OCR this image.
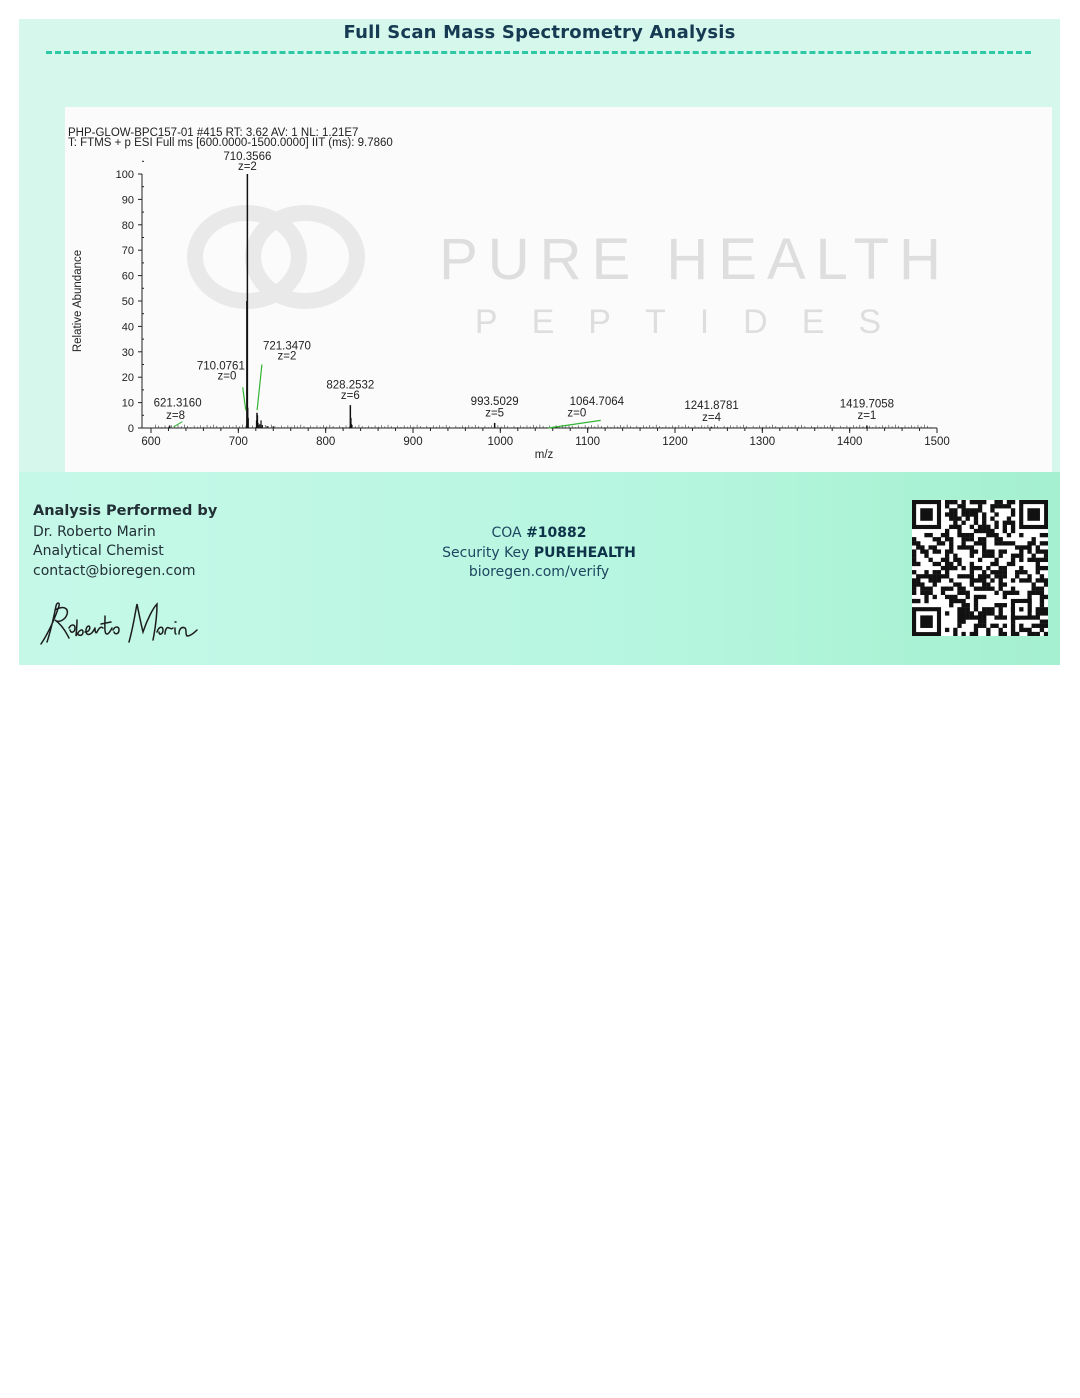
Full Scan Mass Spectrometry Analysis
PURE HEALTH
PEPTIDES
PHP-GLOW-BPC157-01 #415 RT: 3.62 AV: 1 NL: 1.21E7
T: FTMS + p ESI Full ms [600.0000-1500.0000] IIT (ms): 9.7860
0
10
20
30
40
50
60
70
80
90
100
600	700	800	900	1000	1100	1200	1300	1400	1500
m/z
Relative Abundance
621.3160
z=8
710.0761
z=0
710.3566
z=2
721.3470
z=2
828.2532
z=6
993.5029
z=5
1064.7064
z=0
1241.8781
z=4
1419.7058
z=1
Analysis Performed by
Dr. Roberto Marin
Analytical Chemist
contact@bioregen.com
COA #10882
Security Key PUREHEALTH
bioregen.com/verify
